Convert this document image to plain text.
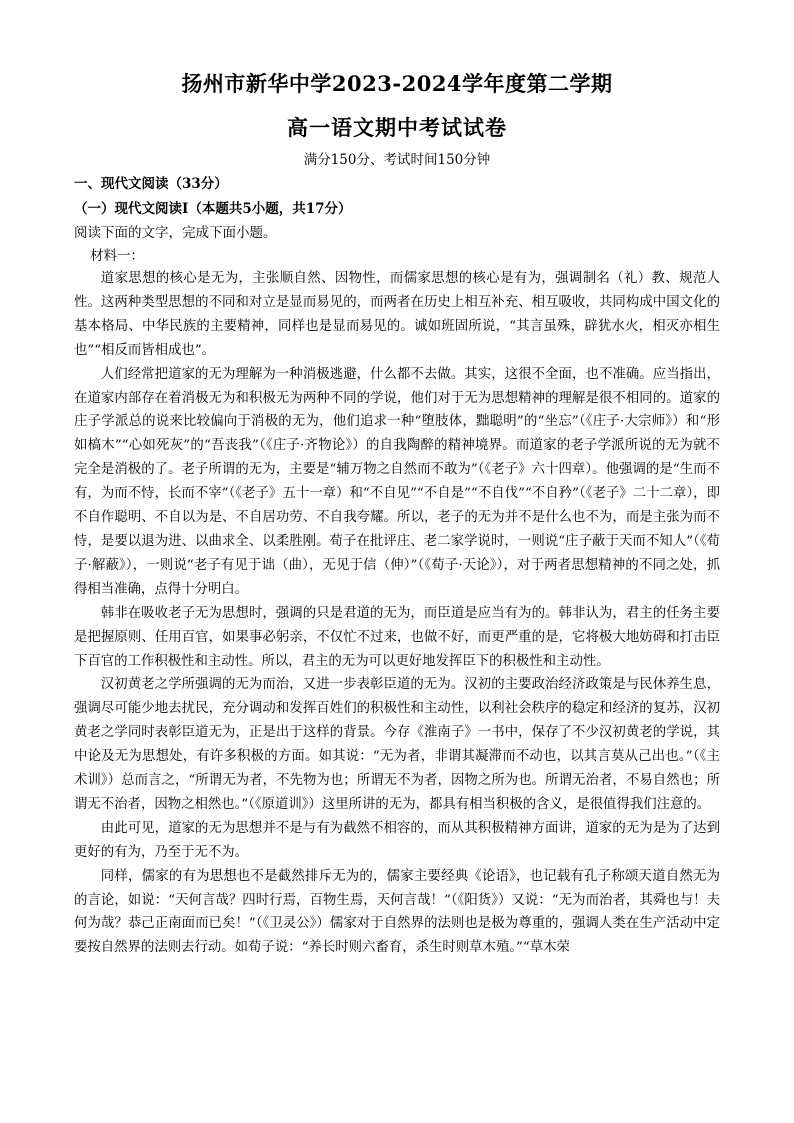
扬州市新华中学2023-2024学年度第二学期
高一语文期中考试试卷
满分150分、考试时间150分钟
一、现代文阅读（33分）
（一）现代文阅读Ⅰ（本题共5小题，共17分）
阅读下面的文字，完成下面小题。
材料一：

道家思想的核心是无为，主张顺自然、因物性，而儒家思想的核心是有为，强调制名（礼）教、规范人性。这两种类型思想的不同和对立是显而易见的，而两者在历史上相互补充、相互吸收，共同构成中国文化的基本格局、中华民族的主要精神，同样也是显而易见的。诚如班固所说，“其言虽殊，辟犹水火，相灭亦相生也”“相反而皆相成也”。

人们经常把道家的无为理解为一种消极逃避，什么都不去做。其实，这很不全面，也不准确。应当指出，在道家内部存在着消极无为和积极无为两种不同的学说，他们对于无为思想精神的理解是很不相同的。道家的庄子学派总的说来比较偏向于消极的无为，他们追求一种“堕肢体，黜聪明”的“坐忘”（《庄子·大宗师》）和“形如槁木”“心如死灰”的“吾丧我”（《庄子·齐物论》）的自我陶醉的精神境界。而道家的老子学派所说的无为就不完全是消极的了。老子所谓的无为，主要是“辅万物之自然而不敢为”（《老子》六十四章）。他强调的是“生而不有，为而不恃，长而不宰”（《老子》五十一章）和“不自见”“不自是”“不自伐”“不自矜”（《老子》二十二章），即不自作聪明、不自以为是、不自居功劳、不自我夸耀。所以，老子的无为并不是什么也不为，而是主张为而不恃，是要以退为进、以曲求全、以柔胜刚。荀子在批评庄、老二家学说时，一则说“庄子蔽于天而不知人”（《荀子·解蔽》），一则说“老子有见于诎（曲），无见于信（伸）”（《荀子·天论》），对于两者思想精神的不同之处，抓得相当准确，点得十分明白。

韩非在吸收老子无为思想时，强调的只是君道的无为，而臣道是应当有为的。韩非认为，君主的任务主要是把握原则、任用百官，如果事必躬亲，不仅忙不过来，也做不好，而更严重的是，它将极大地妨碍和打击臣下百官的工作积极性和主动性。所以，君主的无为可以更好地发挥臣下的积极性和主动性。

汉初黄老之学所强调的无为而治，又进一步表彰臣道的无为。汉初的主要政治经济政策是与民休养生息，强调尽可能少地去扰民，充分调动和发挥百姓们的积极性和主动性，以利社会秩序的稳定和经济的复苏，汉初黄老之学同时表彰臣道无为，正是出于这样的背景。今存《淮南子》一书中，保存了不少汉初黄老的学说，其中论及无为思想处，有许多积极的方面。如其说：“无为者，非谓其凝滞而不动也，以其言莫从己出也。”（《主术训》）总而言之，“所谓无为者，不先物为也；所谓无不为者，因物之所为也。所谓无治者，不易自然也；所谓无不治者，因物之相然也。”（《原道训》）这里所讲的无为，都具有相当积极的含义，是很值得我们注意的。

由此可见，道家的无为思想并不是与有为截然不相容的，而从其积极精神方面讲，道家的无为是为了达到更好的有为，乃至于无不为。

同样，儒家的有为思想也不是截然排斥无为的，儒家主要经典《论语》，也记载有孔子称颂天道自然无为的言论，如说：“天何言哉？四时行焉，百物生焉，天何言哉！”（《阳货》）又说：“无为而治者，其舜也与！夫何为哉？恭己正南面而已矣！”（《卫灵公》）儒家对于自然界的法则也是极为尊重的，强调人类在生产活动中定要按自然界的法则去行动。如荀子说：“养长时则六畜育，杀生时则草木殖。”“草木荣
